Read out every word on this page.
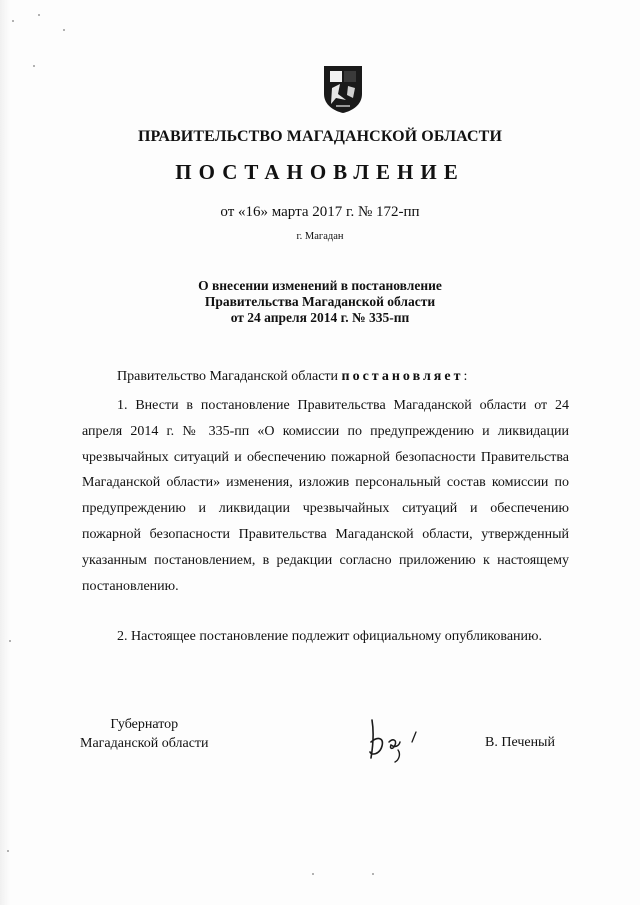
ПРАВИТЕЛЬСТВО МАГАДАНСКОЙ ОБЛАСТИ
ПОСТАНОВЛЕНИЕ
от «16» марта 2017 г. № 172-пп
г. Магадан
О внесении изменений в постановление
Правительства Магаданской области
от 24 апреля 2014 г. № 335-пп
Правительство Магаданской области постановляет:
1. Внести в постановление Правительства Магаданской области от 24 апреля 2014 г. № 335-пп «О комиссии по предупреждению и ликвидации чрезвычайных ситуаций и обеспечению пожарной безопасности Правительства Магаданской области» изменения, изложив персональный состав комиссии по предупреждению и ликвидации чрезвычайных ситуаций и обеспечению пожарной безопасности Правительства Магаданской области, утвержденный указанным постановлением, в редакции согласно приложению к настоящему постановлению.
2. Настоящее постановление подлежит официальному опубликованию.
Губернатор
Магаданской области	В. Печеный
